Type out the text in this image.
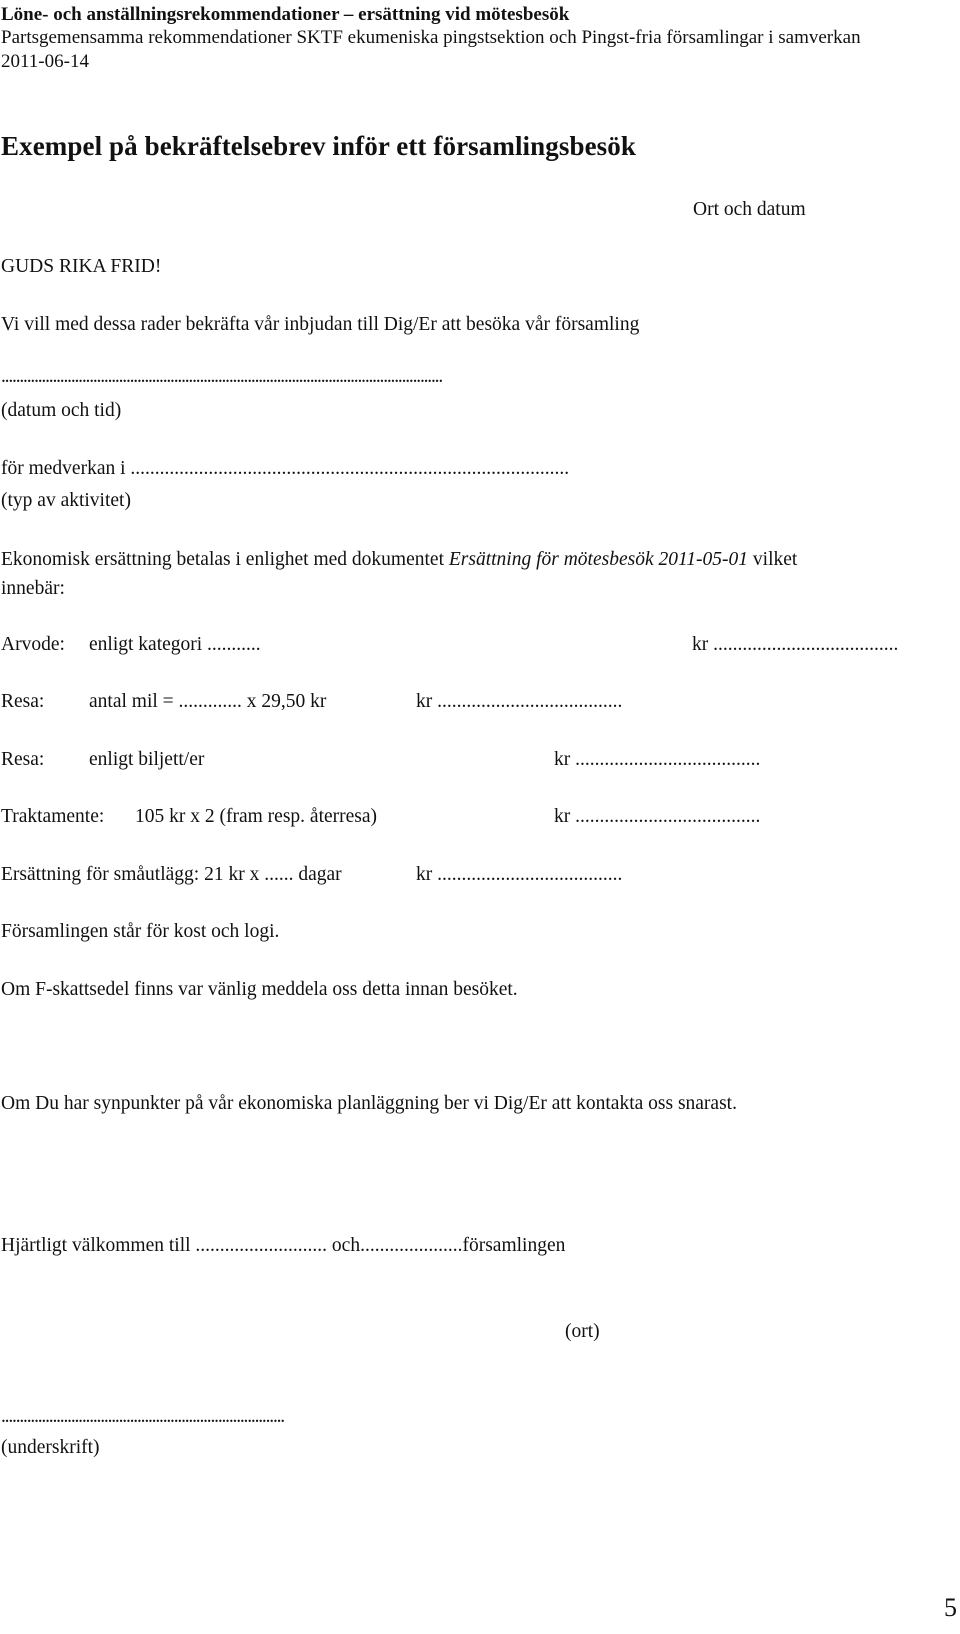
Löne- och anställningsrekommendationer – ersättning vid mötesbesök
Partsgemensamma rekommendationer SKTF ekumeniska pingstsektion och Pingst-fria församlingar i samverkan
2011-06-14
Exempel på bekräftelsebrev inför ett församlingsbesök
Ort och datum
GUDS RIKA FRID!
Vi vill med dessa rader bekräfta vår inbjudan till Dig/Er att besöka vår församling
........................................................................................................................
(datum och tid)
för medverkan i ..........................................................................................
(typ av aktivitet)
Ekonomisk ersättning betalas i enlighet med dokumentet Ersättning för mötesbesök 2011-05-01 vilket
innebär:
Arvode: enligt kategori ...........	kr ......................................
Resa: antal mil = ............. x 29,50 kr	kr ......................................
Resa: enligt biljett/er	kr ......................................
Traktamente: 105 kr x 2 (fram resp. återresa)	kr ......................................
Ersättning för småutlägg: 21 kr x ...... dagar	kr ......................................
Församlingen står för kost och logi.
Om F-skattsedel finns var vänlig meddela oss detta innan besöket.
Om Du har synpunkter på vår ekonomiska planläggning ber vi Dig/Er att kontakta oss snarast.
Hjärtligt välkommen till ........................... och.....................församlingen
(ort)
.............................................................................
(underskrift)
5
